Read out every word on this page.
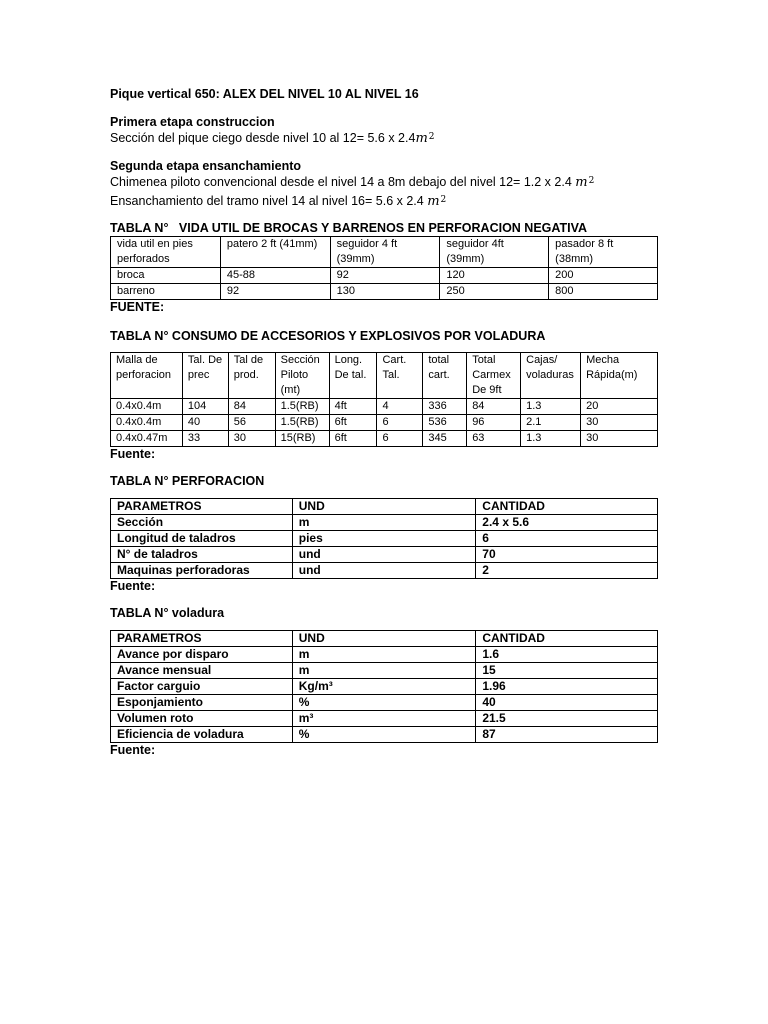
Pique vertical 650: ALEX DEL NIVEL 10 AL NIVEL 16

Primera etapa construccion

Sección del pique ciego desde nivel 10 al 12= 5.6 x $2.4m^2$

Segunda etapa ensanchamiento

Chimenea piloto convencional desde el nivel 14 a 8m debajo del nivel 12= 1.2 x 2.4 $m^2$

Ensanchamiento del tramo nivel 14 al nivel 16= 5.6 x 2.4 $m^2$

TABLA N°   VIDA UTIL DE BROCAS Y BARRENOS EN PERFORACION NEGATIVA

vida util en pies perforados	patero 2 ft (41mm)	seguidor 4 ft (39mm)	seguidor 4ft (39mm)	pasador 8 ft (38mm)
broca	45-88	92	120	200
barreno	92	130	250	800

FUENTE:

TABLA N° CONSUMO DE ACCESORIOS Y EXPLOSIVOS POR VOLADURA

Malla de perforacion	Tal. De prec	Tal de prod.	Sección Piloto (mt)	Long. De tal.	Cart. Tal.	total cart.	Total Carmex De 9ft	Cajas/ voladuras	Mecha Rápida(m)
0.4x0.4m	104	84	1.5(RB)	4ft	4	336	84	1.3	20
0.4x0.4m	40	56	1.5(RB)	6ft	6	536	96	2.1	30
0.4x0.47m	33	30	15(RB)	6ft	6	345	63	1.3	30

Fuente:

TABLA N° PERFORACION

PARAMETROS	UND	CANTIDAD
Sección	m	2.4 x 5.6
Longitud de taladros	pies	6
N° de taladros	und	70
Maquinas perforadoras	und	2

Fuente:

TABLA N° voladura

PARAMETROS	UND	CANTIDAD
Avance por disparo	m	1.6
Avance mensual	m	15
Factor carguio	Kg/m³	1.96
Esponjamiento	%	40
Volumen roto	m³	21.5
Eficiencia de voladura	%	87

Fuente:
